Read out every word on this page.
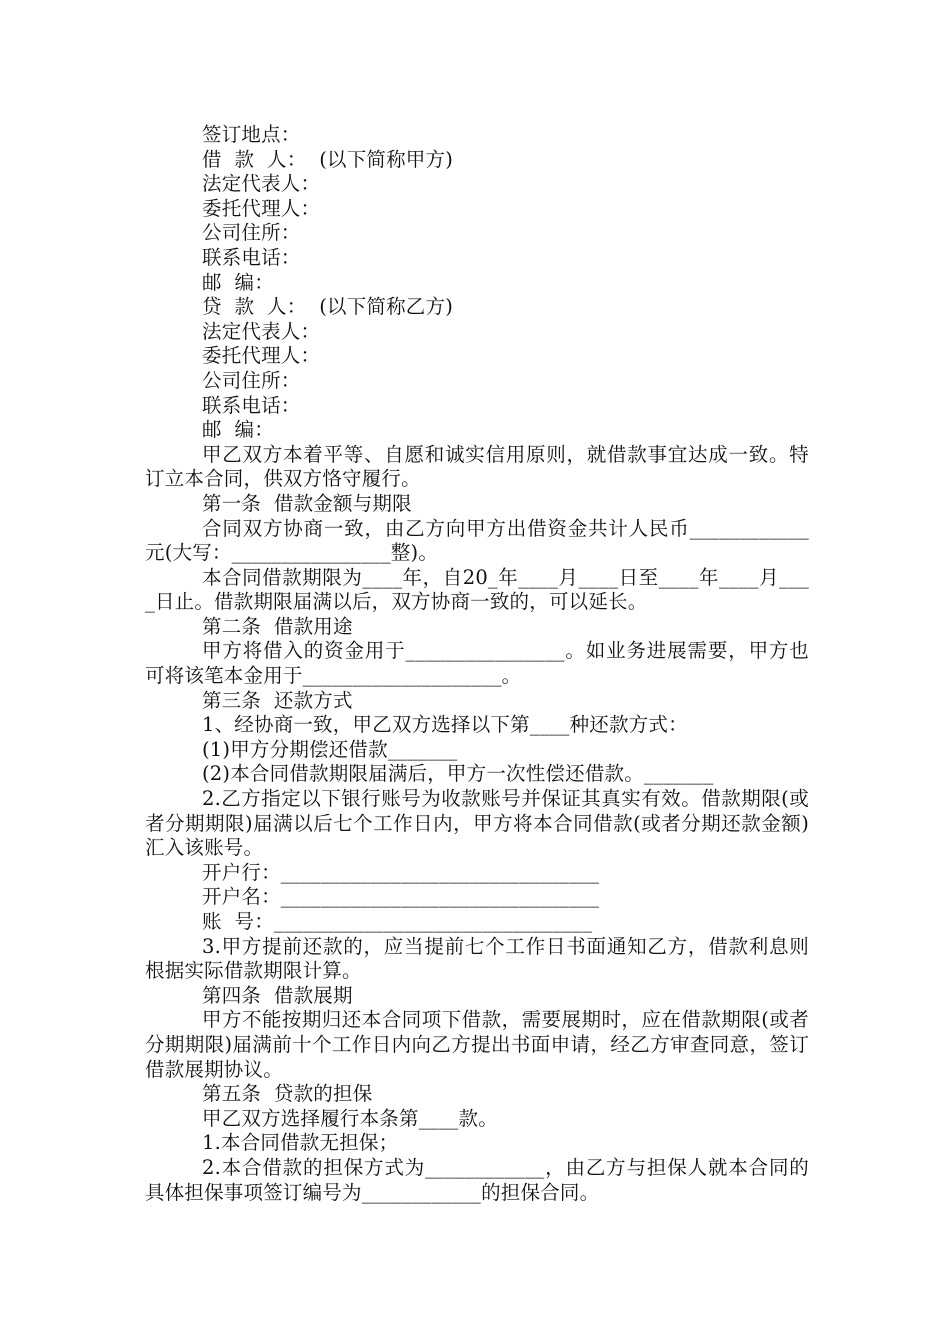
签订地点：

借  款  人：  (以下简称甲方)

法定代表人：

委托代理人：

公司住所：

联系电话：

邮  编：

贷  款  人：  (以下简称乙方)

法定代表人：

委托代理人：

公司住所：

联系电话：

邮  编：

甲乙双方本着平等、自愿和诚实信用原则，就借款事宜达成一致。特订立本合同，供双方恪守履行。

第一条  借款金额与期限

合同双方协商一致，由乙方向甲方出借资金共计人民币____________元(大写：________________整)。

本合同借款期限为____年，自20_年____月____日至____年____月____日止。借款期限届满以后，双方协商一致的，可以延长。

第二条  借款用途

甲方将借入的资金用于________________。如业务进展需要，甲方也可将该笔本金用于____________________。

第三条  还款方式

1、经协商一致，甲乙双方选择以下第____种还款方式：

(1)甲方分期偿还借款_______

(2)本合同借款期限届满后，甲方一次性偿还借款。_______

2.乙方指定以下银行账号为收款账号并保证其真实有效。借款期限(或者分期期限)届满以后七个工作日内，甲方将本合同借款(或者分期还款金额)汇入该账号。

开户行：________________________________

开户名：________________________________

账  号：________________________________

3.甲方提前还款的，应当提前七个工作日书面通知乙方，借款利息则根据实际借款期限计算。

第四条  借款展期

甲方不能按期归还本合同项下借款，需要展期时，应在借款期限(或者分期期限)届满前十个工作日内向乙方提出书面申请，经乙方审查同意，签订借款展期协议。

第五条  贷款的担保

甲乙双方选择履行本条第____款。

1.本合同借款无担保；

2.本合借款的担保方式为____________，由乙方与担保人就本合同的具体担保事项签订编号为____________的担保合同。
